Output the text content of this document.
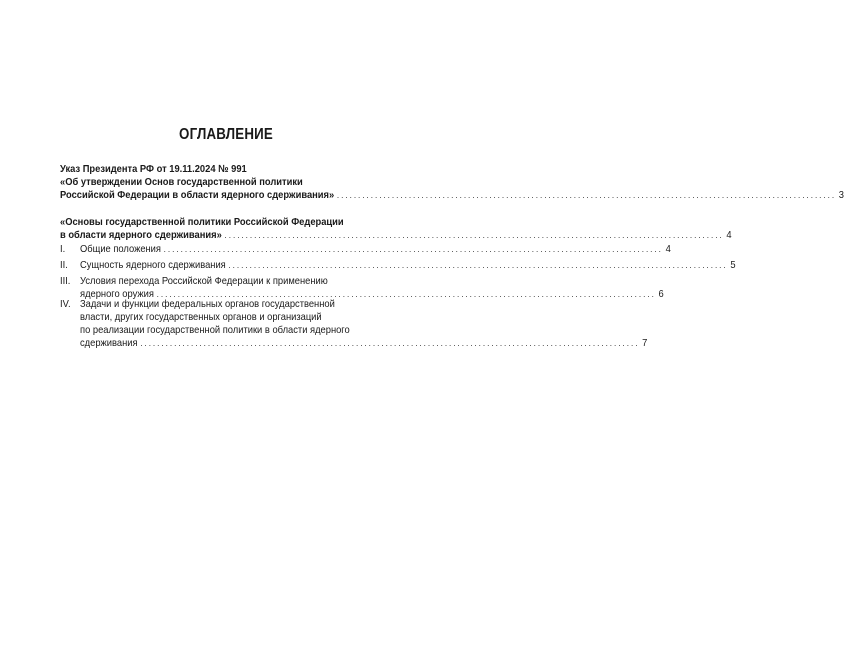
ОГЛАВЛЕНИЕ
Указ Президента РФ от 19.11.2024 № 991
«Об утверждении Основ государственной политики
Российской Федерации в области ядерного сдерживания» ...................................................................................................................... 3
«Основы государственной политики Российской Федерации
в области ядерного сдерживания» ...................................................................................................................... 4
I.	Общие положения ...................................................................................................................... 4
II.	Сущность ядерного сдерживания ...................................................................................................................... 5
III. Условия перехода Российской Федерации к применению
ядерного оружия ...................................................................................................................... 6
IV. Задачи и функции федеральных органов государственной
власти, других государственных органов и организаций
по реализации государственной политики в области ядерного
сдерживания ...................................................................................................................... 7
